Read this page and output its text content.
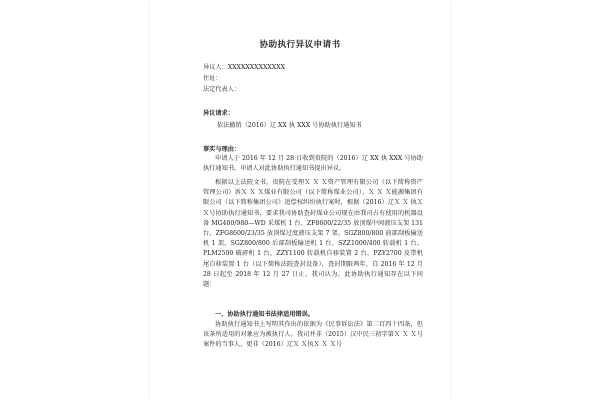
协助执行异议申请书
异议人：XXXXXXXXXXXXX
住址：
法定代表人：
异议请求：
依法撤销（2016）辽 XX 执 XXX 号协助执行通知书
事实与理由：

申请人于 2016 年 12 月 28 日收到贵院的（2016）辽 XX 执 XXX 号协助执行通知书，申请人对此协助执行通知书提出异议。

根据以上法院文书，贵院在受理Ｘ Ｘ Ｘ资产管理有限公司（以下简称资产管理公司）诉Ｘ Ｘ Ｘ煤业有限公司（以下简称煤业公司）、Ｘ Ｘ Ｘ能源集团有限公司（以下简称集团公司）追偿权纠纷执行案时，根据（2016）辽Ｘ Ｘ 执Ｘ Ｘ号协助执行通知书，要求我司协助查封煤业公司现在由我司占有使用的机器设备 MG400/980—WD 采煤机 1 台、ZF8600/22/35 放顶煤中间液压支架 131 台、ZFG8600/23/35 放顶煤过度液压支架 7 架、SGZ800/800 前部刮板输送机 1 架、SGZ800/800 后部刮板输送机 1 台、SZZ1000/400 转载机 1 台、PLM2500 破碎机 1 台、ZZY1100 转载机自移装置 2 台、PZY2700 皮带机尾自移装置 1 台（以下简称法院查封设备），查封期限两年，自 2016 年 12 月 28 日起至 2018 年 12 月 27 日止。我司认为，此协助执行通知存在以下问题：

一、协助执行通知书法律适用错误。

协助执行通知书上写明其作出的依据为《民事诉讼法》第二百四十四条，但该条所适用的对象应为被执行人。我司并非（2015）汉中民三初字第Ｘ Ｘ Ｘ号案件的当事人，更非（2016）辽Ｘ Ｘ执Ｘ Ｘ Ｘ号
